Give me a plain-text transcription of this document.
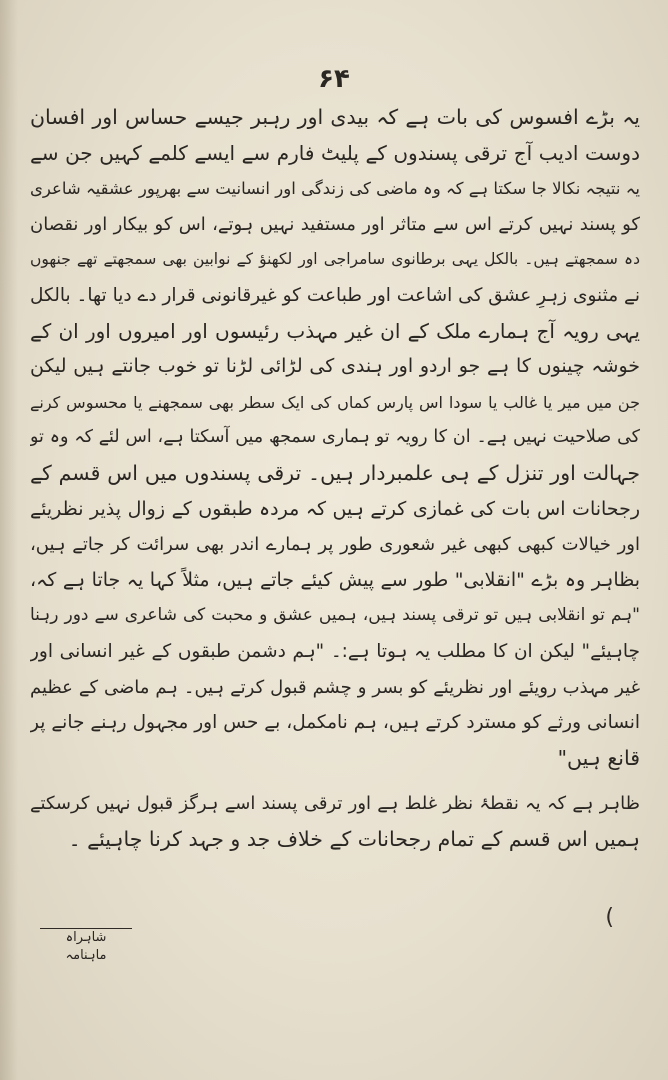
۶۴
یہ بڑے افسوس کی بات ہے کہ بیدی اور رہبر جیسے حساس اور افسان
دوست ادیب آج ترقی پسندوں کے پلیٹ فارم سے ایسے کلمے کہیں جن سے
یہ نتیجہ نکالا جا سکتا ہے کہ وہ ماضی کی زندگی اور انسانیت سے بھرپور عشقیہ شاعری
کو پسند نہیں کرتے اس سے متاثر اور مستفید نہیں ہوتے، اس کو بیکار اور نقصان
دہ سمجھتے ہیں۔ بالکل یہی برطانوی سامراجی اور لکھنؤ کے نوابین بھی سمجھتے تھے جنھوں
نے مثنوی زہرِ عشق کی اشاعت اور طباعت کو غیرقانونی قرار دے دیا تھا۔ بالکل
یہی رویہ آج ہمارے ملک کے ان غیر مہذب رئیسوں اور امیروں اور ان کے
خوشہ چینوں کا ہے جو اردو اور ہندی کی لڑائی لڑنا تو خوب جانتے ہیں لیکن
جن میں میر یا غالب یا سودا اس پارس کماں کی ایک سطر بھی سمجھنے یا محسوس کرنے
کی صلاحیت نہیں ہے۔ ان کا رویہ تو ہماری سمجھ میں آسکتا ہے، اس لئے کہ وہ تو
جہالت اور تنزل کے ہی علمبردار ہیں۔ ترقی پسندوں میں اس قسم کے
رجحانات اس بات کی غمازی کرتے ہیں کہ مردہ طبقوں کے زوال پذیر نظریئے
اور خیالات کبھی کبھی غیر شعوری طور پر ہمارے اندر بھی سرائت کر جاتے ہیں،
بظاہر وہ بڑے "انقلابی" طور سے پیش کیئے جاتے ہیں، مثلاً کہا یہ جاتا ہے کہ،
"ہم تو انقلابی ہیں تو ترقی پسند ہیں، ہمیں عشق و محبت کی شاعری سے دور رہنا
چاہیئے" لیکن ان کا مطلب یہ ہوتا ہے:۔ "ہم دشمن طبقوں کے غیر انسانی اور
غیر مہذب رویئے اور نظریئے کو بسر و چشم قبول کرتے ہیں۔ ہم ماضی کے عظیم
انسانی ورثے کو مسترد کرتے ہیں، ہم نامکمل، بے حس اور مجہول رہنے جانے پر
قانع ہیں"
ظاہر ہے کہ یہ نقطۂ نظر غلط ہے اور ترقی پسند اسے ہرگز قبول نہیں کرسکتے
ہمیں اس قسم کے تمام رجحانات کے خلاف جد و جہد کرنا چاہیئے ۔
شاہراہ
ماہنامہ
(
